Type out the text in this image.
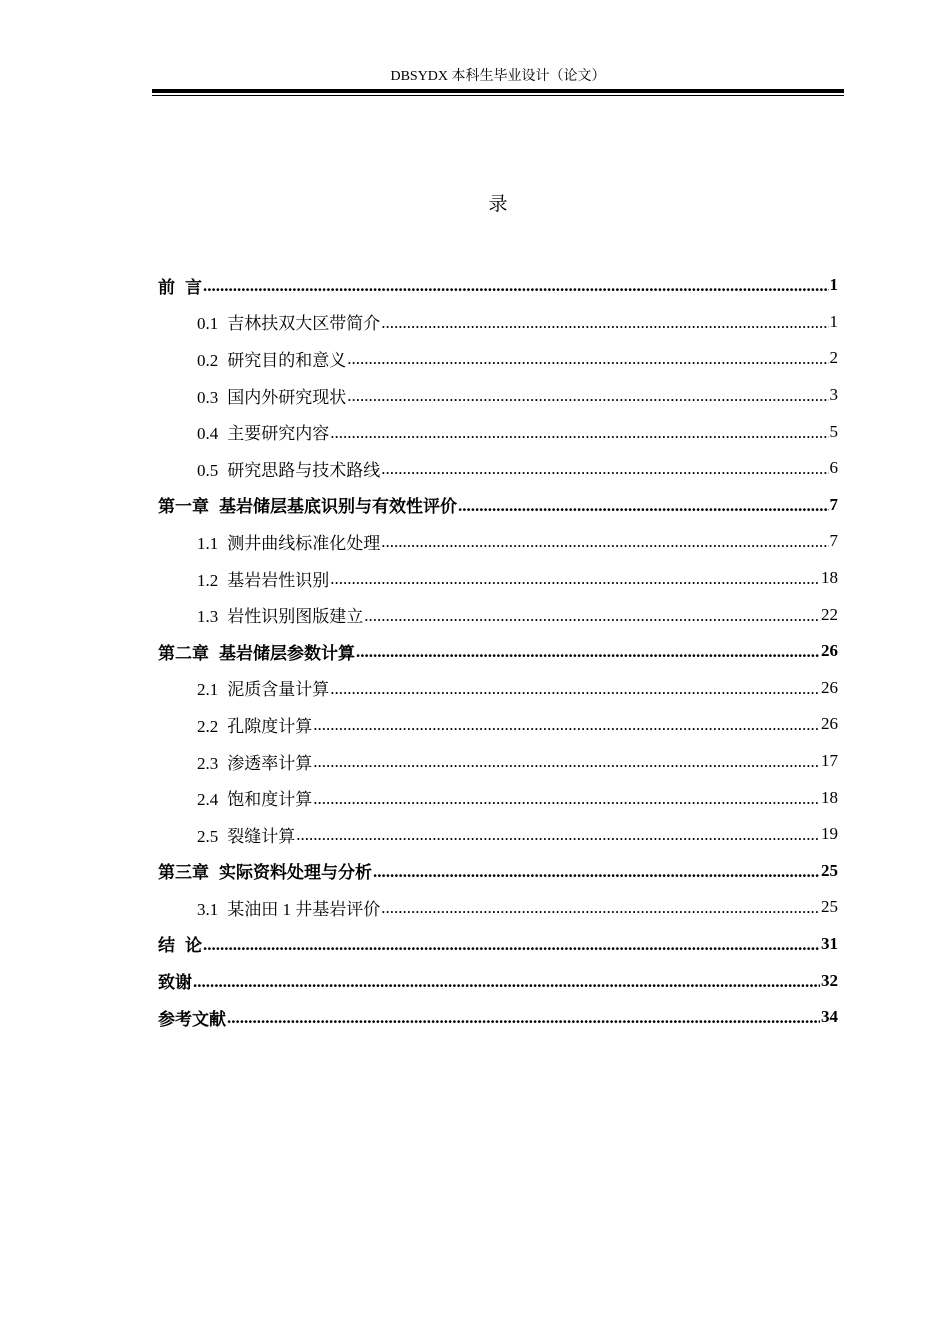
DBSYDX 本科生毕业设计（论文）
录
前 言 .....	1
0.1 吉林扶双大区带简介 .....	1
0.2 研究目的和意义 .....	2
0.3 国内外研究现状 .....	3
0.4 主要研究内容 .....	5
0.5 研究思路与技术路线 .....	6
第一章 基岩储层基底识别与有效性评价 .....	7
1.1 测井曲线标准化处理 .....	7
1.2 基岩岩性识别 .....	18
1.3 岩性识别图版建立 .....	22
第二章 基岩储层参数计算 .....	26
2.1 泥质含量计算 .....	26
2.2 孔隙度计算 .....	26
2.3 渗透率计算 .....	17
2.4 饱和度计算 .....	18
2.5 裂缝计算 .....	19
第三章 实际资料处理与分析 .....	25
3.1 某油田 1 井基岩评价 .....	25
结 论 .....	31
致谢 .....	32
参考文献 .....	34
